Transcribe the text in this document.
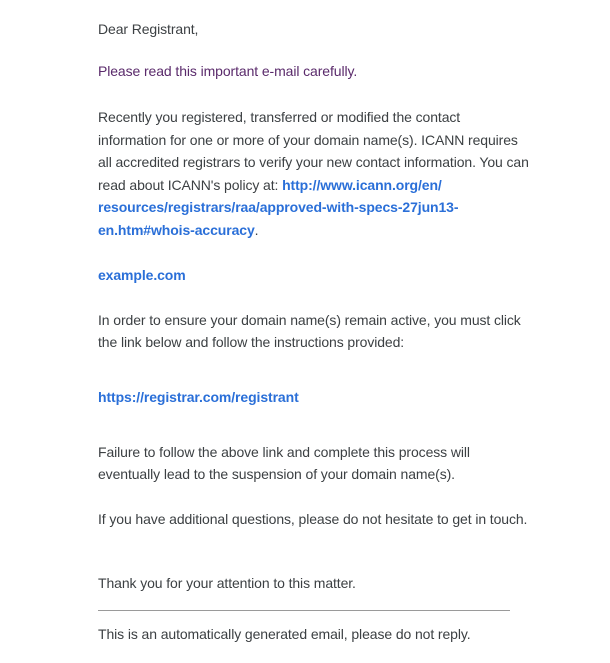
Dear Registrant,
Please read this important e-mail carefully.
Recently you registered, transferred or modified the contact
information for one or more of your domain name(s). ICANN requires
all accredited registrars to verify your new contact information. You can
read about ICANN's policy at: http://www.icann.org/en/
resources/registrars/raa/approved-with-specs-27jun13-
en.htm#whois-accuracy.
example.com
In order to ensure your domain name(s) remain active, you must click
the link below and follow the instructions provided:
https://registrar.com/registrant
Failure to follow the above link and complete this process will
eventually lead to the suspension of your domain name(s).
If you have additional questions, please do not hesitate to get in touch.
Thank you for your attention to this matter.
This is an automatically generated email, please do not reply.
